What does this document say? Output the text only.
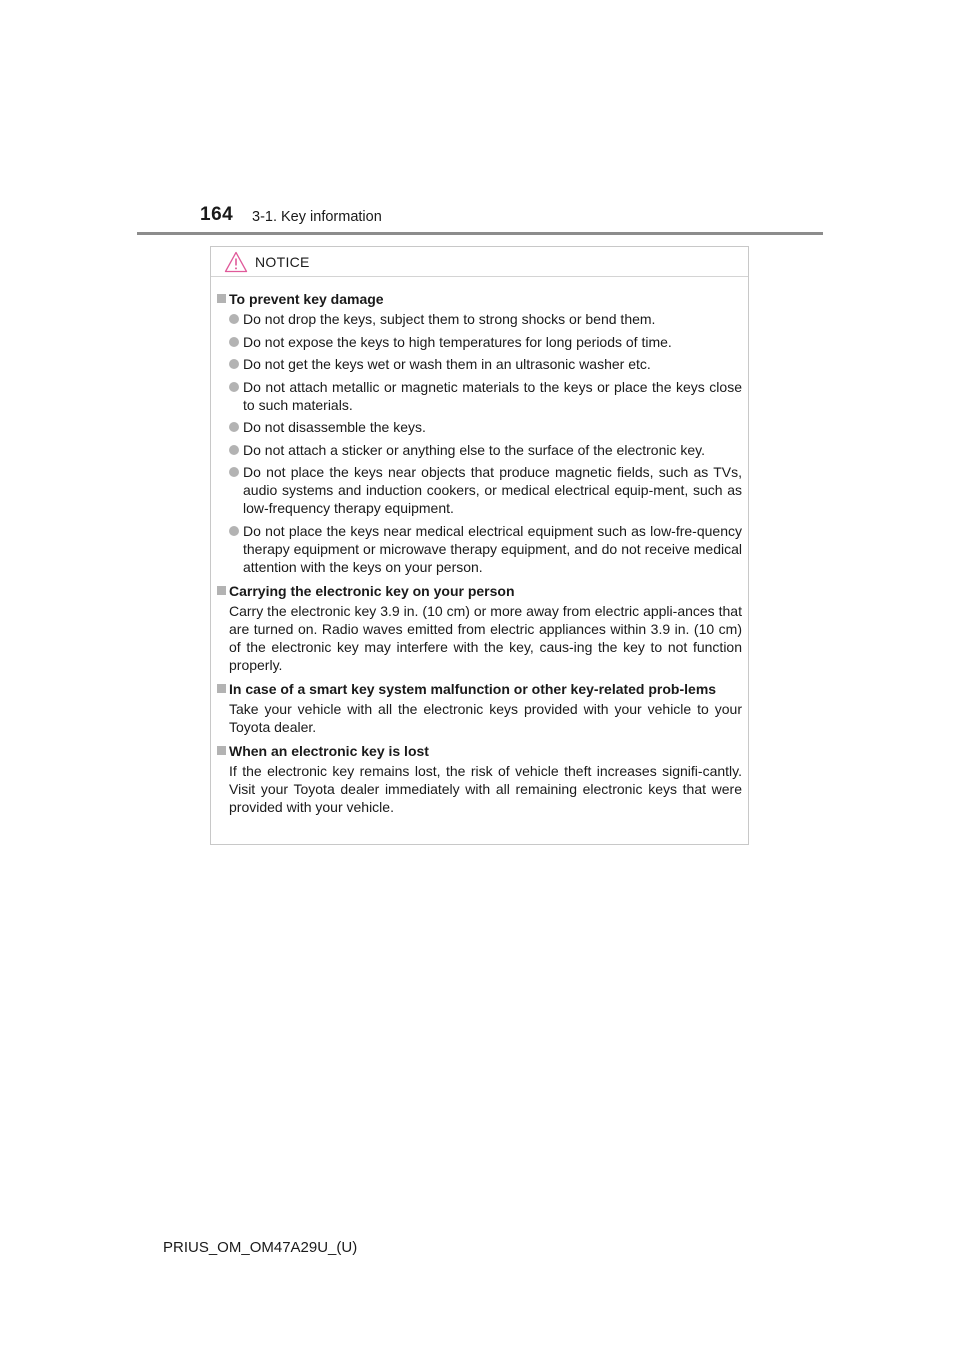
164 3-1. Key information
NOTICE
To prevent key damage
Do not drop the keys, subject them to strong shocks or bend them.
Do not expose the keys to high temperatures for long periods of time.
Do not get the keys wet or wash them in an ultrasonic washer etc.
Do not attach metallic or magnetic materials to the keys or place the keys close to such materials.
Do not disassemble the keys.
Do not attach a sticker or anything else to the surface of the electronic key.
Do not place the keys near objects that produce magnetic fields, such as TVs, audio systems and induction cookers, or medical electrical equip-ment, such as low-frequency therapy equipment.
Do not place the keys near medical electrical equipment such as low-fre-quency therapy equipment or microwave therapy equipment, and do not receive medical attention with the keys on your person.
Carrying the electronic key on your person
Carry the electronic key 3.9 in. (10 cm) or more away from electric appli-ances that are turned on. Radio waves emitted from electric appliances within 3.9 in. (10 cm) of the electronic key may interfere with the key, caus-ing the key to not function properly.
In case of a smart key system malfunction or other key-related prob-lems
Take your vehicle with all the electronic keys provided with your vehicle to your Toyota dealer.
When an electronic key is lost
If the electronic key remains lost, the risk of vehicle theft increases signifi-cantly. Visit your Toyota dealer immediately with all remaining electronic keys that were provided with your vehicle.
PRIUS_OM_OM47A29U_(U)
